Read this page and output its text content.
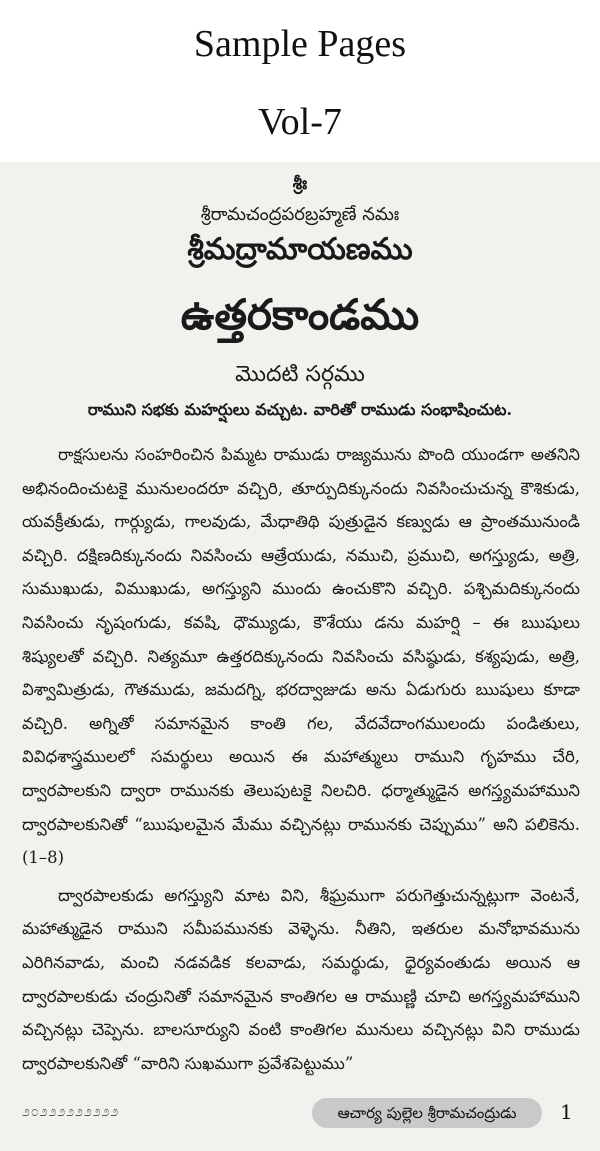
Sample Pages
Vol-7
శ్రీః
శ్రీరామచంద్రపరబ్రహ్మణే నమః
శ్రీమద్రామాయణము
ఉత్తరకాండము
మొదటి సర్గము
రాముని సభకు మహర్షులు వచ్చుట. వారితో రాముడు సంభాషించుట.

రాక్షసులను సంహరించిన పిమ్మట రాముడు రాజ్యమును పొంది యుండగా అతనిని అభినందించుటకై మునులందరూ వచ్చిరి, తూర్పుదిక్కునందు నివసించుచున్న కౌశికుడు, యవక్రీతుడు, గార్గ్యుడు, గాలవుడు, మేధాతిథి పుత్రుడైన కణ్వుడు ఆ ప్రాంతమునుండి వచ్చిరి. దక్షిణదిక్కునందు నివసించు ఆత్రేయుడు, నముచి, ప్రముచి, అగస్త్యుడు, అత్రి, సుముఖుడు, విముఖుడు, అగస్త్యుని ముందు ఉంచుకొని వచ్చిరి. పశ్చిమదిక్కునందు నివసించు నృషంగుడు, కవషి, ధౌమ్యుడు, కౌశేయు డను మహర్షి – ఈ ఋషులు శిష్యులతో వచ్చిరి. నిత్యమూ ఉత్తరదిక్కునందు నివసించు వసిష్ఠుడు, కశ్యపుడు, అత్రి, విశ్వామిత్రుడు, గౌతముడు, జమదగ్ని, భరద్వాజుడు అను ఏడుగురు ఋషులు కూడా వచ్చిరి. అగ్నితో సమానమైన కాంతి గల, వేదవేదాంగములందు పండితులు, వివిధశాస్త్రములలో సమర్థులు అయిన ఈ మహాత్ములు రాముని గృహము చేరి, ద్వారపాలకుని ద్వారా రామునకు తెలుపుటకై నిలచిరి. ధర్మాత్ముడైన అగస్త్యమహాముని ద్వారపాలకునితో “ఋషులమైన మేము వచ్చినట్లు రామునకు చెప్పుము” అని పలికెను. (1–8)

ద్వారపాలకుడు అగస్త్యుని మాట విని, శీఘ్రముగా పరుగెత్తుచున్నట్లుగా వెంటనే, మహాత్ముడైన రాముని సమీపమునకు వెళ్ళెను. నీతిని, ఇతరుల మనోభావమును ఎరిగినవాడు, మంచి నడవడిక కలవాడు, సమర్థుడు, ధైర్యవంతుడు అయిన ఆ ద్వారపాలకుడు చంద్రునితో సమానమైన కాంతిగల ఆ రాముణ్ణి చూచి అగస్త్యమహాముని వచ్చినట్లు చెప్పెను. బాలసూర్యుని వంటి కాంతిగల మునులు వచ్చినట్లు విని రాముడు ద్వారపాలకునితో “వారిని సుఖముగా ప్రవేశపెట్టుము”

೨೦೨೨೨೨೨೨೨೨೨	ఆచార్య పుల్లెల శ్రీరామచంద్రుడు	1
